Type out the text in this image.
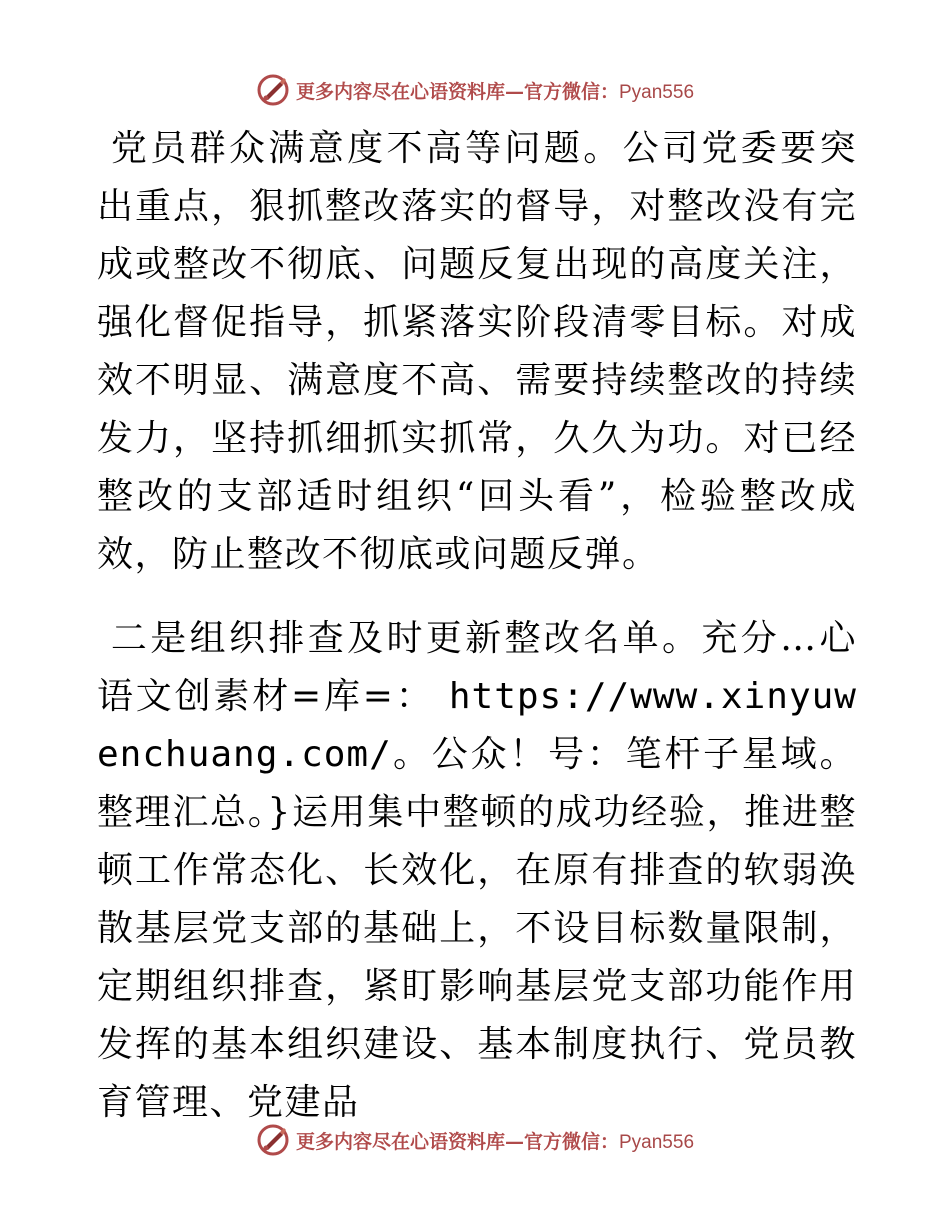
更多内容尽在心语资料库—官方微信：Pyan556

党员群众满意度不高等问题。公司党委要突出重点，狠抓整改落实的督导，对整改没有完成或整改不彻底、问题反复出现的高度关注，强化督促指导，抓紧落实阶段清零目标。对成效不明显、满意度不高、需要持续整改的持续发力，坚持抓细抓实抓常，久久为功。对已经整改的支部适时组织“回头看”，检验整改成效，防止整改不彻底或问题反弹。

二是组织排查及时更新整改名单。充分…心语文创素材=库=： https://www.xinyuwenchuang.com/。公众！号：笔杆子星域。整理汇总。}运用集中整顿的成功经验，推进整顿工作常态化、长效化，在原有排查的软弱涣散基层党支部的基础上，不设目标数量限制，定期组织排查，紧盯影响基层党支部功能作用发挥的基本组织建设、基本制度执行、党员教育管理、党建品

更多内容尽在心语资料库—官方微信：Pyan556
